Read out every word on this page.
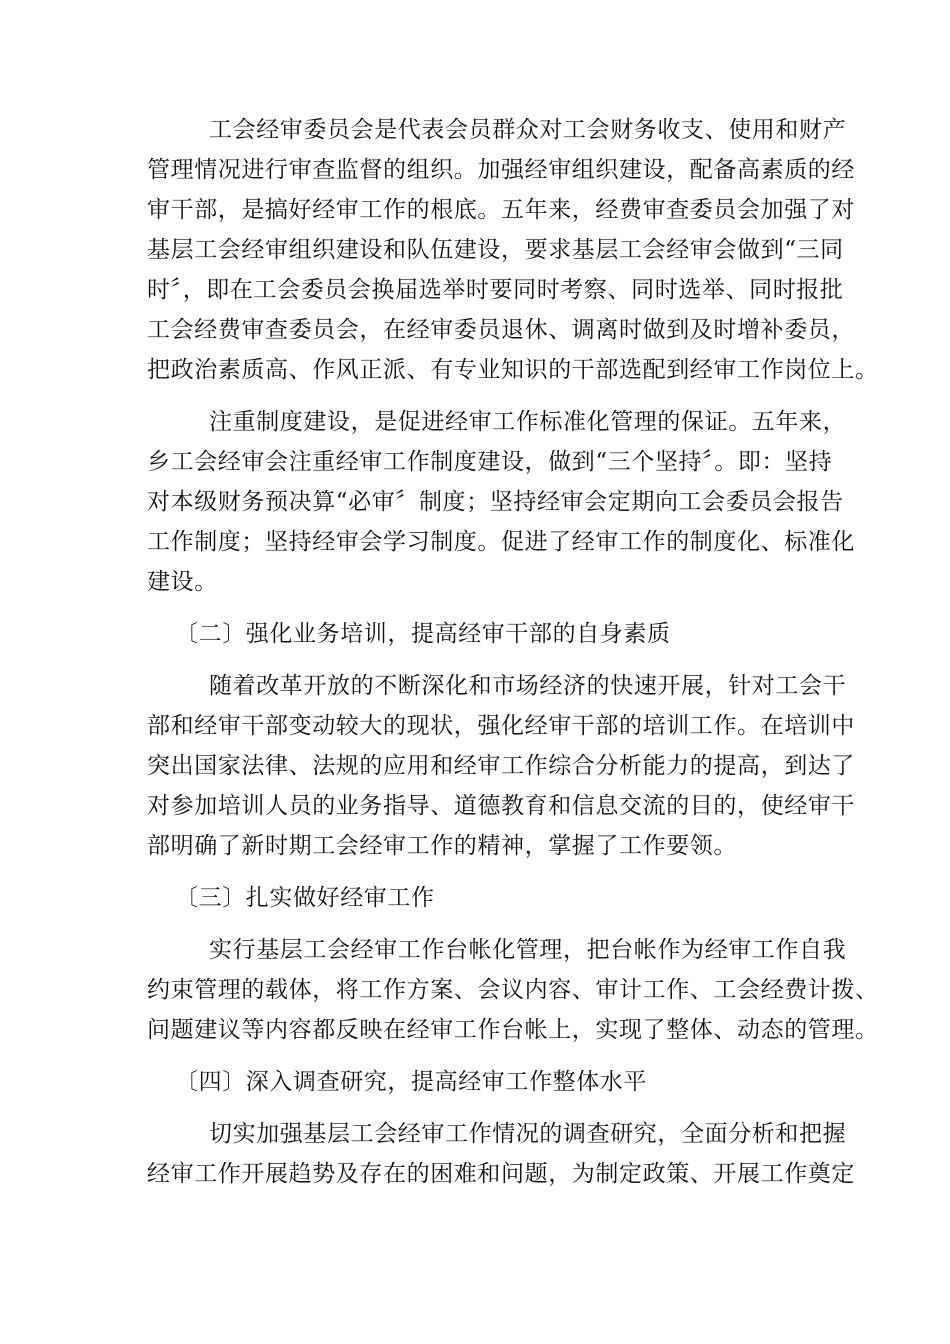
工会经审委员会是代表会员群众对工会财务收支、使用和财产
管理情况进行审查监督的组织。加强经审组织建设，配备高素质的经
审干部，是搞好经审工作的根底。五年来，经费审查委员会加强了对
基层工会经审组织建设和队伍建设，要求基层工会经审会做到“三同
时〞，即在工会委员会换届选举时要同时考察、同时选举、同时报批
工会经费审查委员会，在经审委员退休、调离时做到及时增补委员，
把政治素质高、作风正派、有专业知识的干部选配到经审工作岗位上。
注重制度建设，是促进经审工作标准化管理的保证。五年来，
乡工会经审会注重经审工作制度建设，做到“三个坚持〞。即：坚持
对本级财务预决算“必审〞制度；坚持经审会定期向工会委员会报告
工作制度；坚持经审会学习制度。促进了经审工作的制度化、标准化
建设。
〔二〕强化业务培训，提高经审干部的自身素质
随着改革开放的不断深化和市场经济的快速开展，针对工会干
部和经审干部变动较大的现状，强化经审干部的培训工作。在培训中
突出国家法律、法规的应用和经审工作综合分析能力的提高，到达了
对参加培训人员的业务指导、道德教育和信息交流的目的，使经审干
部明确了新时期工会经审工作的精神，掌握了工作要领。
〔三〕扎实做好经审工作
实行基层工会经审工作台帐化管理，把台帐作为经审工作自我
约束管理的载体，将工作方案、会议内容、审计工作、工会经费计拨、
问题建议等内容都反映在经审工作台帐上，实现了整体、动态的管理。
〔四〕深入调查研究，提高经审工作整体水平
切实加强基层工会经审工作情况的调查研究，全面分析和把握
经审工作开展趋势及存在的困难和问题，为制定政策、开展工作奠定
